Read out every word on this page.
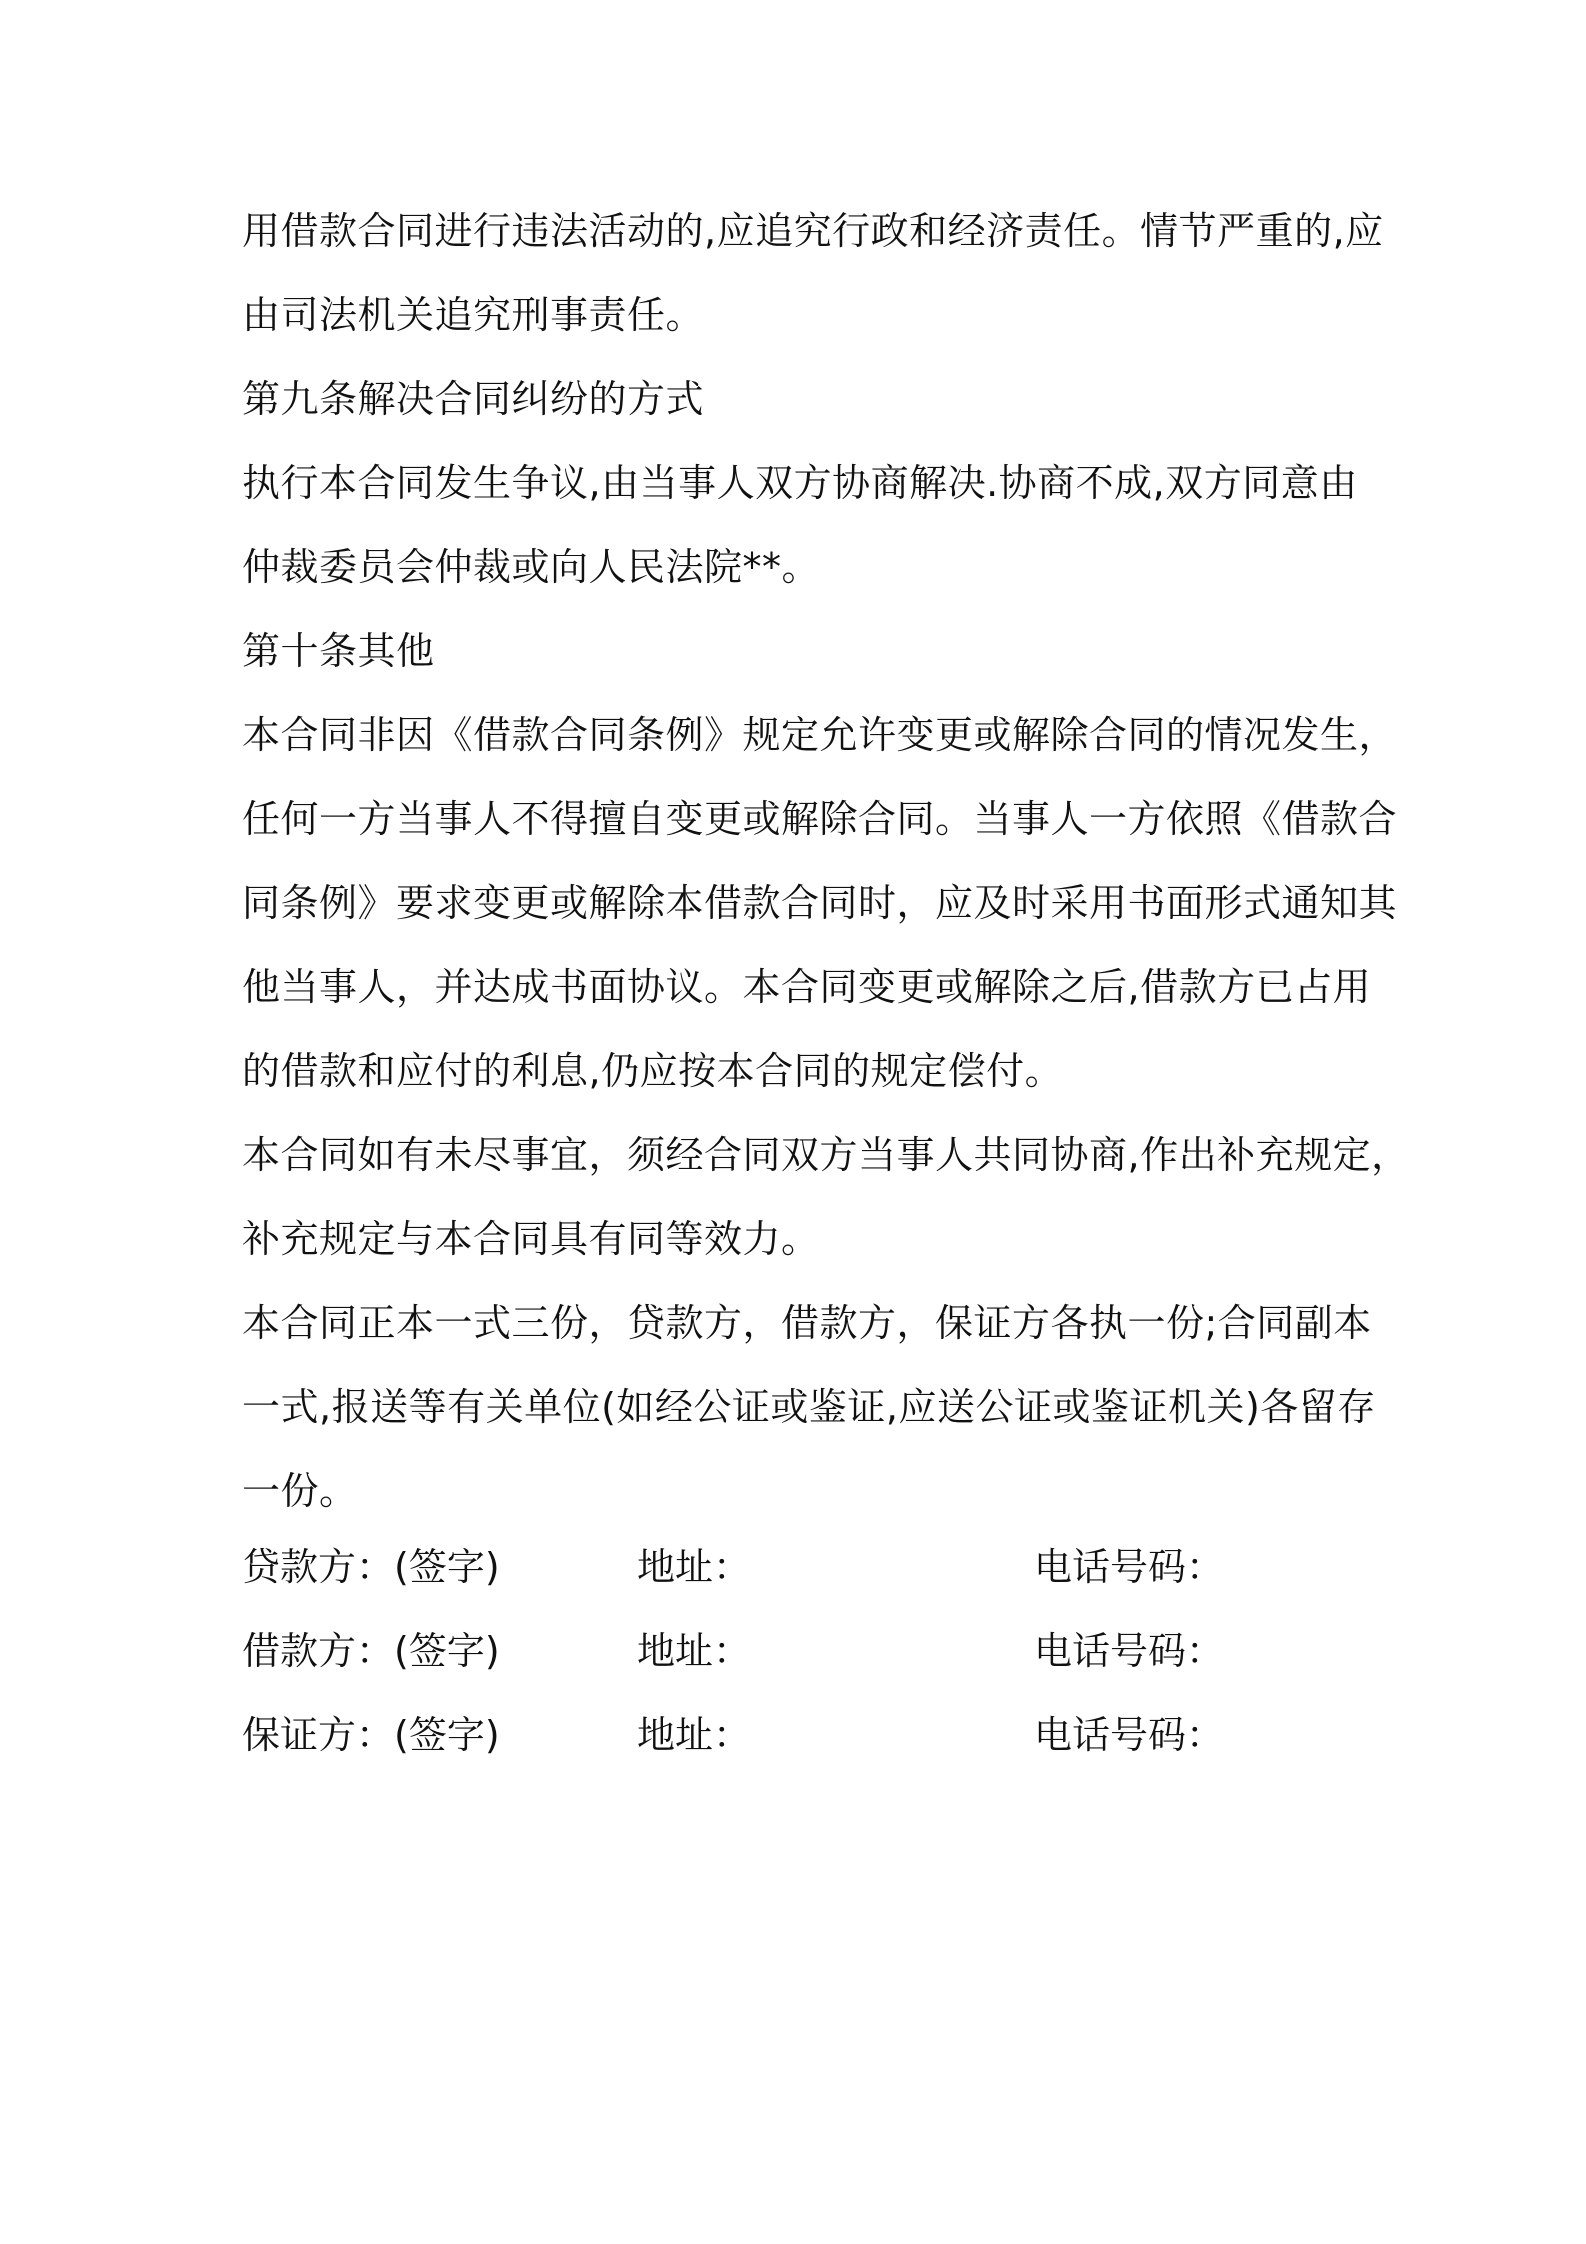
用借款合同进行违法活动的,应追究行政和经济责任。情节严重的,应
由司法机关追究刑事责任。
第九条解决合同纠纷的方式
执行本合同发生争议,由当事人双方协商解决.协商不成,双方同意由
仲裁委员会仲裁或向人民法院**。
第十条其他
本合同非因《借款合同条例》规定允许变更或解除合同的情况发生，
任何一方当事人不得擅自变更或解除合同。当事人一方依照《借款合
同条例》要求变更或解除本借款合同时，应及时采用书面形式通知其
他当事人，并达成书面协议。本合同变更或解除之后,借款方已占用
的借款和应付的利息,仍应按本合同的规定偿付。
本合同如有未尽事宜，须经合同双方当事人共同协商,作出补充规定，
补充规定与本合同具有同等效力。
本合同正本一式三份，贷款方，借款方，保证方各执一份;合同副本
一式,报送等有关单位(如经公证或鉴证,应送公证或鉴证机关)各留存
一份。
贷款方：(签字)	地址：	电话号码：
借款方：(签字)	地址：	电话号码：
保证方：(签字)	地址：	电话号码：
